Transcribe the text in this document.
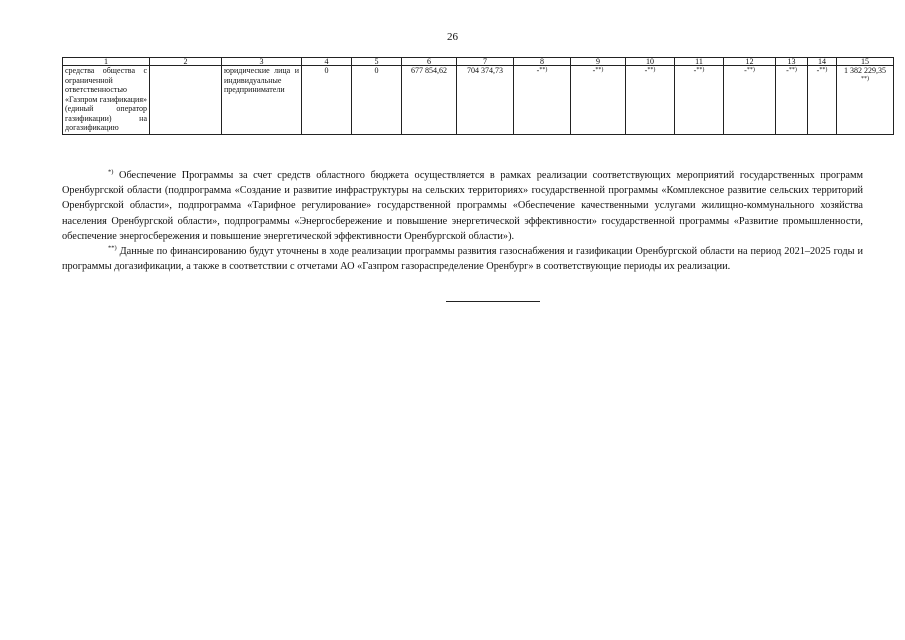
26
1	2	3	4	5	6	7	8	9	10	11	12	13	14	15
средства обществa с ограниченной ответственностью «Газпром газификация» (единый оператор газификации) на догазификацию		юридические лица и индивидуальные предприниматели	0	0	677 854,62	704 374,73	-**)	-**)	-**)	-**)	-**)	-**)	-**)	1 382 229,35
**)

*) Обеспечение Программы за счет средств областного бюджета осуществляется в рамках реализации соответствующих мероприятий государственных программ Оренбургской области (подпрограмма «Создание и развитие инфраструктуры на сельских территориях» государственной программы «Комплексное развитие сельских территорий Оренбургской области», подпрограмма «Тарифное регулирование» государственной программы «Обеспечение качественными услугами жилищно-коммунального хозяйства населения Оренбургской области», подпрограммы «Энергосбережение и повышение энергетической эффективности» государственной программы «Развитие промышленности, обеспечение энергосбережения и повышение энергетической эффективности Оренбургской области»).

**) Данные по финансированию будут уточнены в ходе реализации программы развития газоснабжения и газификации Оренбургской области на период 2021–2025 годы и программы догазификации, а также в соответствии с отчетами АО «Газпром газораспределение Оренбург» в соответствующие периоды их реализации.
